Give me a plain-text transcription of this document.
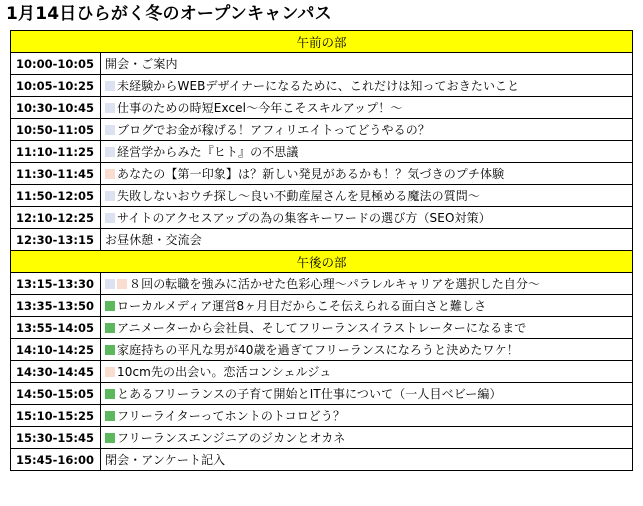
1月14日ひらがく冬のオープンキャンパス
午前の部	
10:00-10:05	開会・ご案内
10:05-10:25	未経験からWEBデザイナーになるために、これだけは知っておきたいこと
10:30-10:45	仕事のための時短Excel〜今年こそスキルアップ！〜
10:50-11:05	ブログでお金が稼げる！アフィリエイトってどうやるの？
11:10-11:25	経営学からみた『ヒト』の不思議
11:30-11:45	あなたの【第一印象】は？新しい発見があるかも！？気づきのプチ体験
11:50-12:05	失敗しないおウチ探し〜良い不動産屋さんを見極める魔法の質問〜
12:10-12:25	サイトのアクセスアップの為の集客キーワードの選び方（SEO対策）
12:30-13:15	お昼休憩・交流会
午後の部	
13:15-13:30	８回の転職を強みに活かせた色彩心理〜パラレルキャリアを選択した自分〜
13:35-13:50	ローカルメディア運営8ヶ月目だからこそ伝えられる面白さと難しさ
13:55-14:05	アニメーターから会社員、そしてフリーランスイラストレーターになるまで
14:10-14:25	家庭持ちの平凡な男が40歳を過ぎてフリーランスになろうと決めたワケ！
14:30-14:45	10cm先の出会い。恋活コンシェルジュ
14:50-15:05	とあるフリーランスの子育て開始とIT仕事について（一人目ベビー編）
15:10-15:25	フリーライターってホントのトコロどう？
15:30-15:45	フリーランスエンジニアのジカンとオカネ
15:45-16:00	閉会・アンケート記入
